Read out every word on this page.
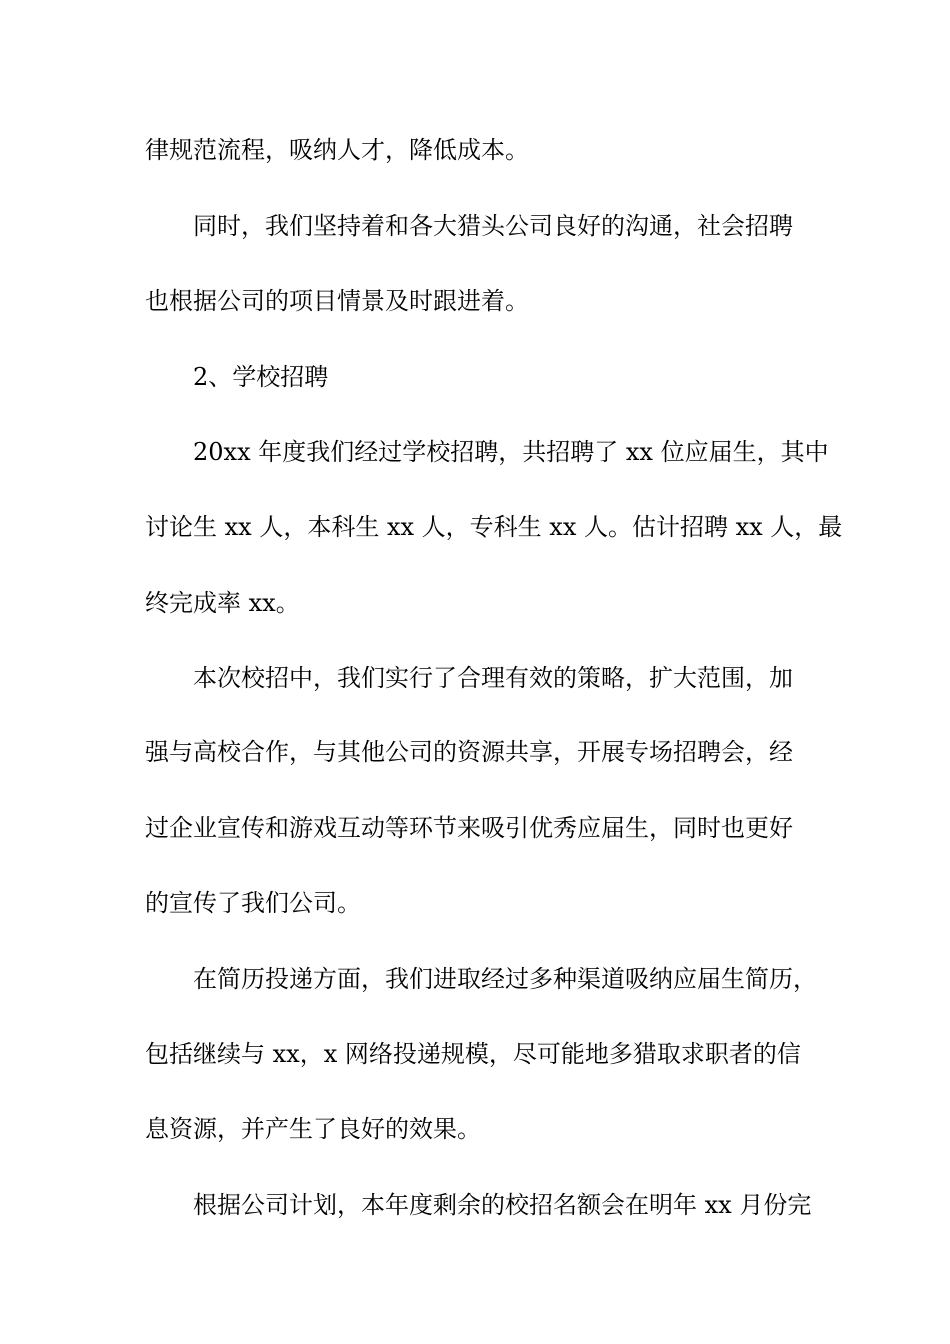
律规范流程，吸纳人才，降低成本。
同时，我们坚持着和各大猎头公司良好的沟通，社会招聘
也根据公司的项目情景及时跟进着。
2、学校招聘
20xx 年度我们经过学校招聘，共招聘了 xx 位应届生，其中
讨论生 xx 人，本科生 xx 人，专科生 xx 人。估计招聘 xx 人，最
终完成率 xx。
本次校招中，我们实行了合理有效的策略，扩大范围，加
强与高校合作，与其他公司的资源共享，开展专场招聘会，经
过企业宣传和游戏互动等环节来吸引优秀应届生，同时也更好
的宣传了我们公司。
在简历投递方面，我们进取经过多种渠道吸纳应届生简历，
包括继续与 xx，x 网络投递规模，尽可能地多猎取求职者的信
息资源，并产生了良好的效果。
根据公司计划，本年度剩余的校招名额会在明年 xx 月份完
